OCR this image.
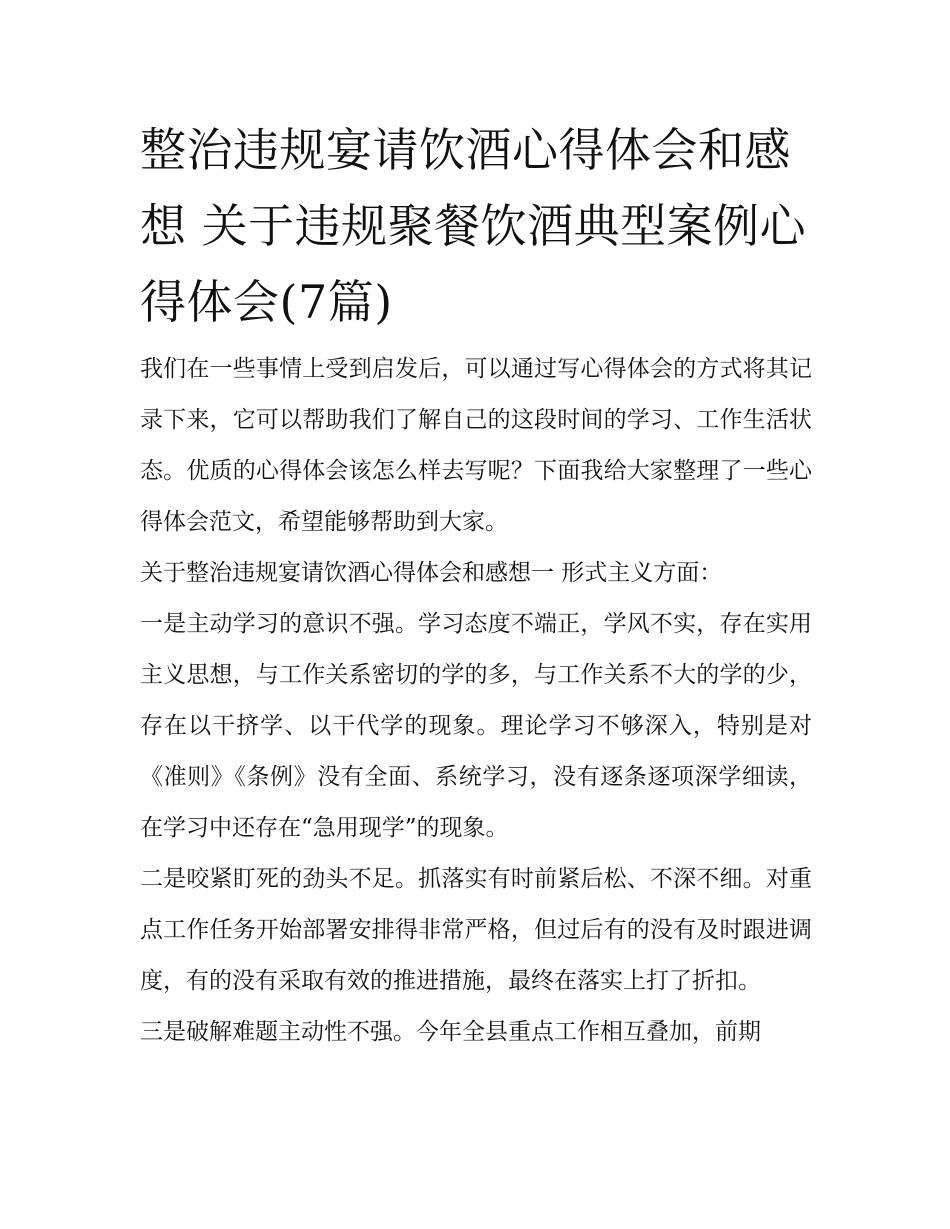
整治违规宴请饮酒心得体会和感想 关于违规聚餐饮酒典型案例心得体会(7篇)

我们在一些事情上受到启发后，可以通过写心得体会的方式将其记录下来，它可以帮助我们了解自己的这段时间的学习、工作生活状态。优质的心得体会该怎么样去写呢？下面我给大家整理了一些心得体会范文，希望能够帮助到大家。

关于整治违规宴请饮酒心得体会和感想一 形式主义方面：

一是主动学习的意识不强。学习态度不端正，学风不实，存在实用主义思想，与工作关系密切的学的多，与工作关系不大的学的少，存在以干挤学、以干代学的现象。理论学习不够深入，特别是对《准则》《条例》没有全面、系统学习，没有逐条逐项深学细读，在学习中还存在“急用现学”的现象。

二是咬紧盯死的劲头不足。抓落实有时前紧后松、不深不细。对重点工作任务开始部署安排得非常严格，但过后有的没有及时跟进调度，有的没有采取有效的推进措施，最终在落实上打了折扣。

三是破解难题主动性不强。今年全县重点工作相互叠加，前期
